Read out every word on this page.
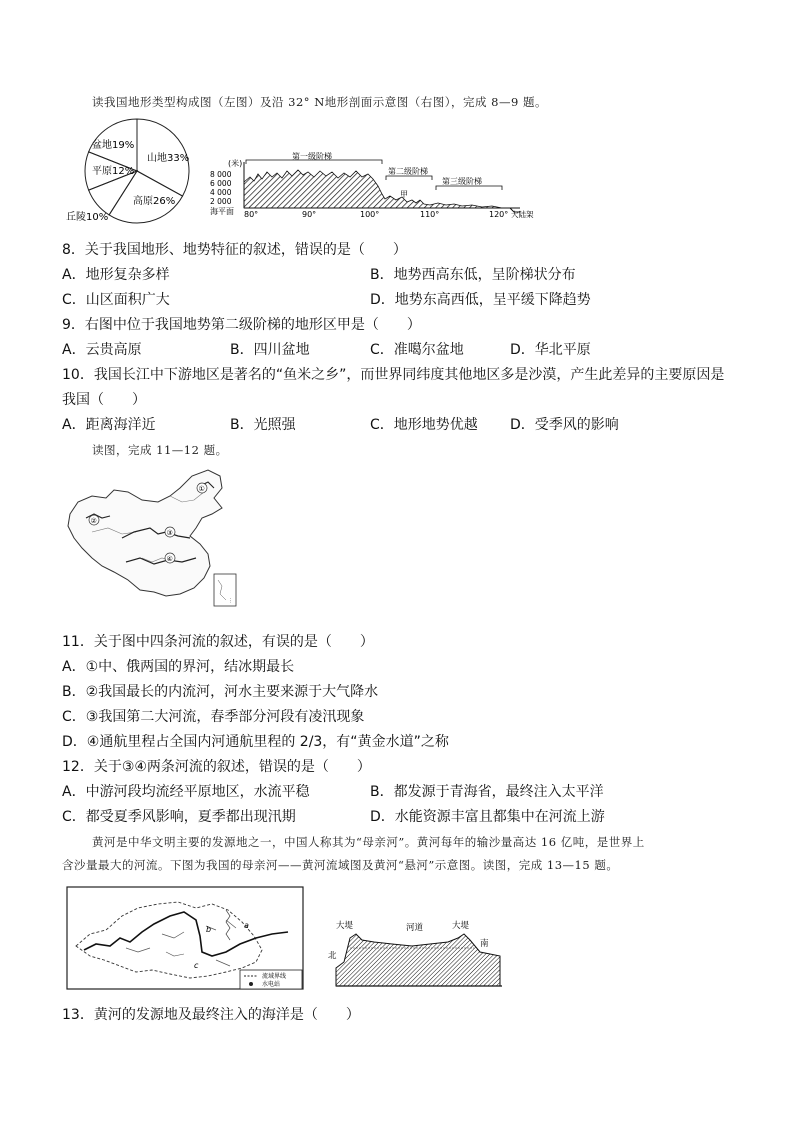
读我国地形类型构成图（左图）及沿 32° N地形剖面示意图（右图），完成 8—9 题。
盆地19%
山地33%
平原12%
高原26%
丘陵10%
(米)
8 000
6 000
4 000
2 000
海平面
第一级阶梯
第二级阶梯
第三级阶梯
甲
80°	90°	100°	110°	120° 大陆架
8．关于我国地形、地势特征的叙述，错误的是（　　）
A．地形复杂多样	B．地势西高东低，呈阶梯状分布
C．山区面积广大	D．地势东高西低，呈平缓下降趋势
9．右图中位于我国地势第二级阶梯的地形区甲是（　　）
A．云贵高原	B．四川盆地	C．准噶尔盆地	D．华北平原
10．我国长江中下游地区是著名的“鱼米之乡”，而世界同纬度其他地区多是沙漠，产生此差异的主要原因是
我国（　　）
A．距离海洋近	B．光照强	C．地形地势优越 D．受季风的影响
读图，完成 11—12 题。
①
②
③
④
⋮
11．关于图中四条河流的叙述，有误的是（　　）
A．①中、俄两国的界河，结冰期最长
B．②我国最长的内流河，河水主要来源于大气降水
C．③我国第二大河流，春季部分河段有凌汛现象
D．④通航里程占全国内河通航里程的 2/3，有“黄金水道”之称
12．关于③④两条河流的叙述，错误的是（　　）
A．中游河段均流经平原地区，水流平稳	B．都发源于青海省，最终注入太平洋
C．都受夏季风影响，夏季都出现汛期	D．水能资源丰富且都集中在河流上游
黄河是中华文明主要的发源地之一，中国人称其为“母亲河”。黄河每年的输沙量高达 16 亿吨，是世界上
含沙量最大的河流。下图为我国的母亲河——黄河流域图及黄河“悬河”示意图。读图，完成 13—15 题。
a
b
c
流域界线
水电站
大堤	河道	大堤
北
南
13．黄河的发源地及最终注入的海洋是（　　）
